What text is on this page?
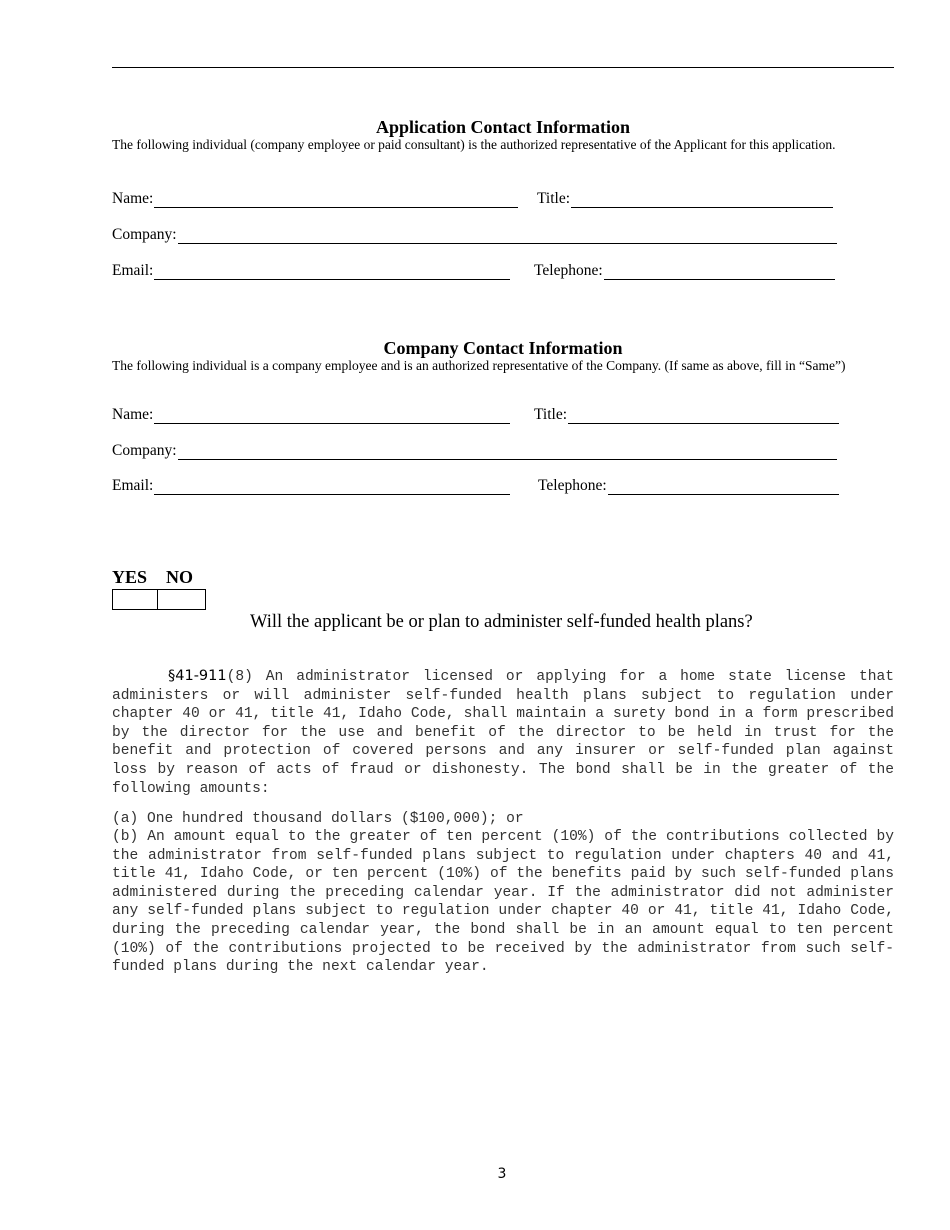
Application Contact Information
The following individual (company employee or paid consultant) is the authorized representative of the Applicant for this application.
Name:	Title:
Company:
Email:	Telephone:
Company Contact Information
The following individual is a company employee and is an authorized representative of the Company. (If same as above, fill in “Same”)
Name:	Title:
Company:
Email:	Telephone:
YES NO
Will the applicant be or plan to administer self-funded health plans?
§41-911(8) An administrator licensed or applying for a home state license that administers or will administer self-funded health plans subject to regulation under chapter 40 or 41, title 41, Idaho Code, shall maintain a surety bond in a form prescribed by the director for the use and benefit of the director to be held in trust for the benefit and protection of covered persons and any insurer or self-funded plan against loss by reason of acts of fraud or dishonesty. The bond shall be in the greater of the following amounts:
(a) One hundred thousand dollars ($100,000); or
(b) An amount equal to the greater of ten percent (10%) of the contributions collected by the administrator from self-funded plans subject to regulation under chapters 40 and 41, title 41, Idaho Code, or ten percent (10%) of the benefits paid by such self-funded plans administered during the preceding calendar year. If the administrator did not administer any self-funded plans subject to regulation under chapter 40 or 41, title 41, Idaho Code, during the preceding calendar year, the bond shall be in an amount equal to ten percent (10%) of the contributions projected to be received by the administrator from such self-funded plans during the next calendar year.
3
